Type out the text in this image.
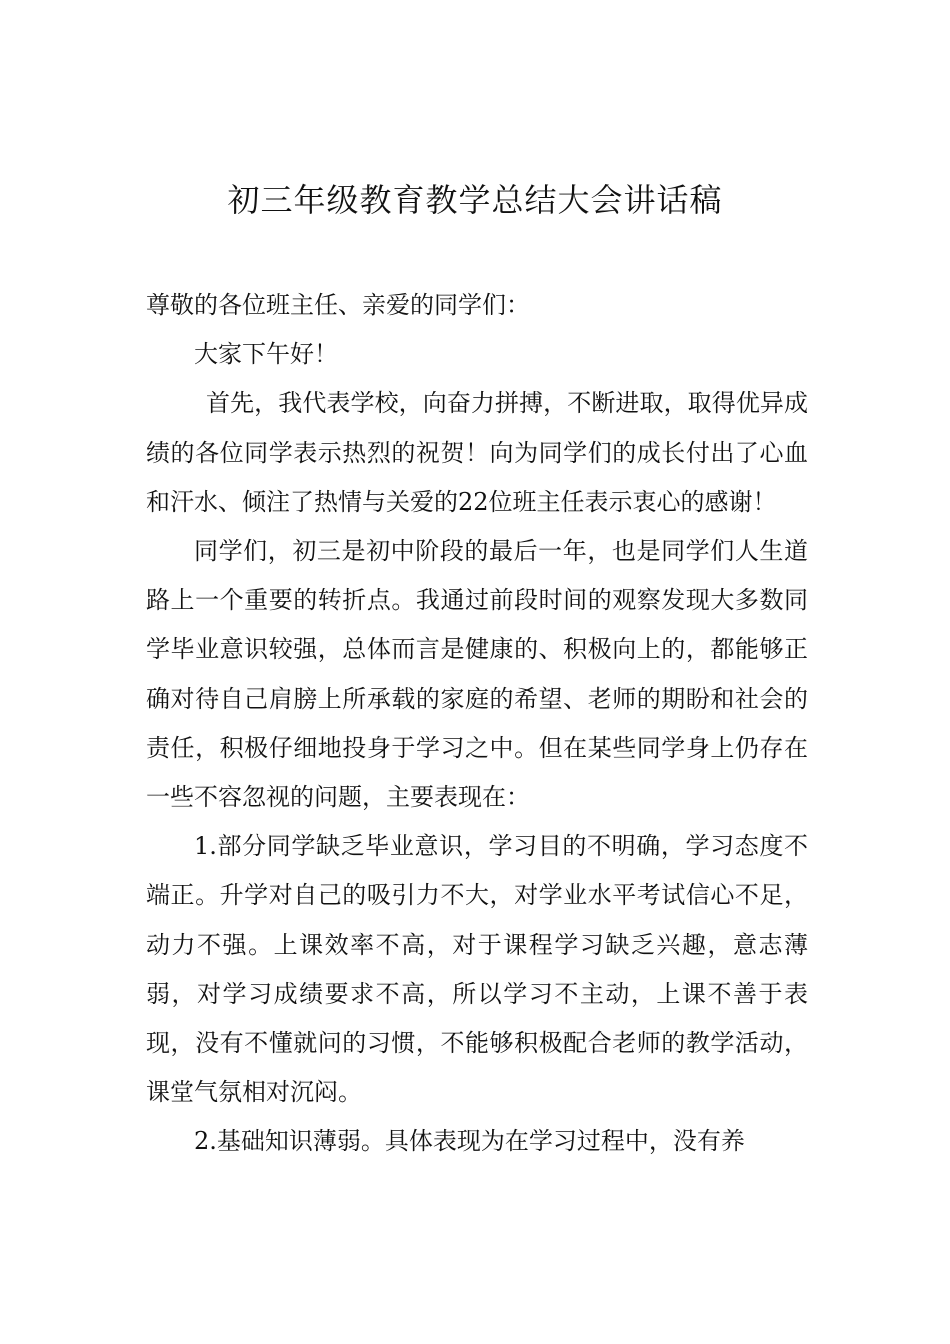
初三年级教育教学总结大会讲话稿

尊敬的各位班主任、亲爱的同学们：

大家下午好！

首先，我代表学校，向奋力拼搏，不断进取，取得优异成绩的各位同学表示热烈的祝贺！向为同学们的成长付出了心血和汗水、倾注了热情与关爱的22位班主任表示衷心的感谢！

同学们，初三是初中阶段的最后一年，也是同学们人生道路上一个重要的转折点。我通过前段时间的观察发现大多数同学毕业意识较强，总体而言是健康的、积极向上的，都能够正确对待自己肩膀上所承载的家庭的希望、老师的期盼和社会的责任，积极仔细地投身于学习之中。但在某些同学身上仍存在一些不容忽视的问题，主要表现在：

1.部分同学缺乏毕业意识，学习目的不明确，学习态度不端正。升学对自己的吸引力不大，对学业水平考试信心不足，动力不强。上课效率不高，对于课程学习缺乏兴趣，意志薄弱，对学习成绩要求不高，所以学习不主动，上课不善于表现，没有不懂就问的习惯，不能够积极配合老师的教学活动，课堂气氛相对沉闷。

2.基础知识薄弱。具体表现为在学习过程中，没有养
